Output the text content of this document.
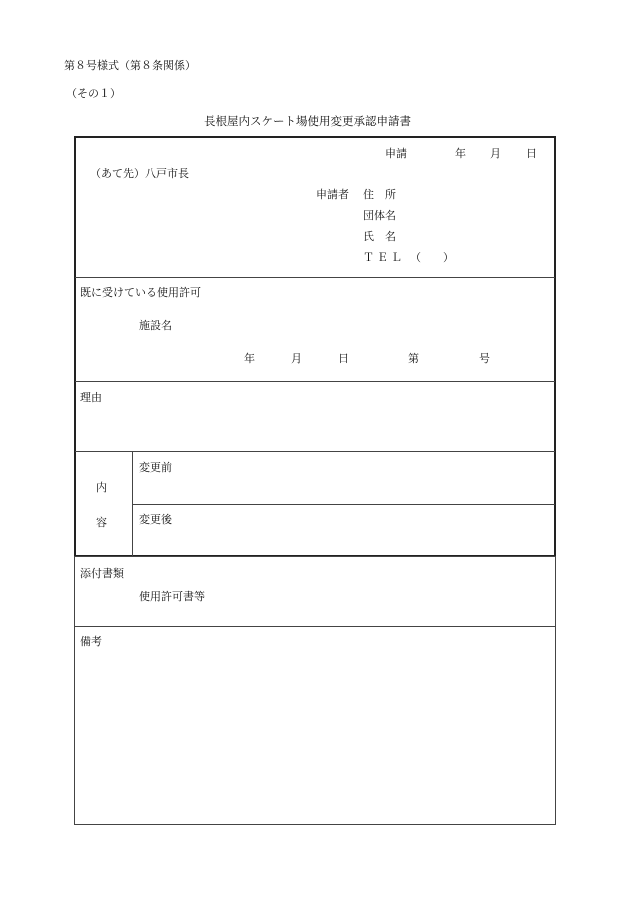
第８号様式（第８条関係）
（その１）
長根屋内スケート場使用変更承認申請書
申請	年 月 日
（あて先）八戸市長
申請者 住　所
団体名
氏　名
ＴＥＬ （　　）
既に受けている使用許可
施設名
年	月	日	第	号
理由
内
容
変更前
変更後
添付書類
使用許可書等
備考
